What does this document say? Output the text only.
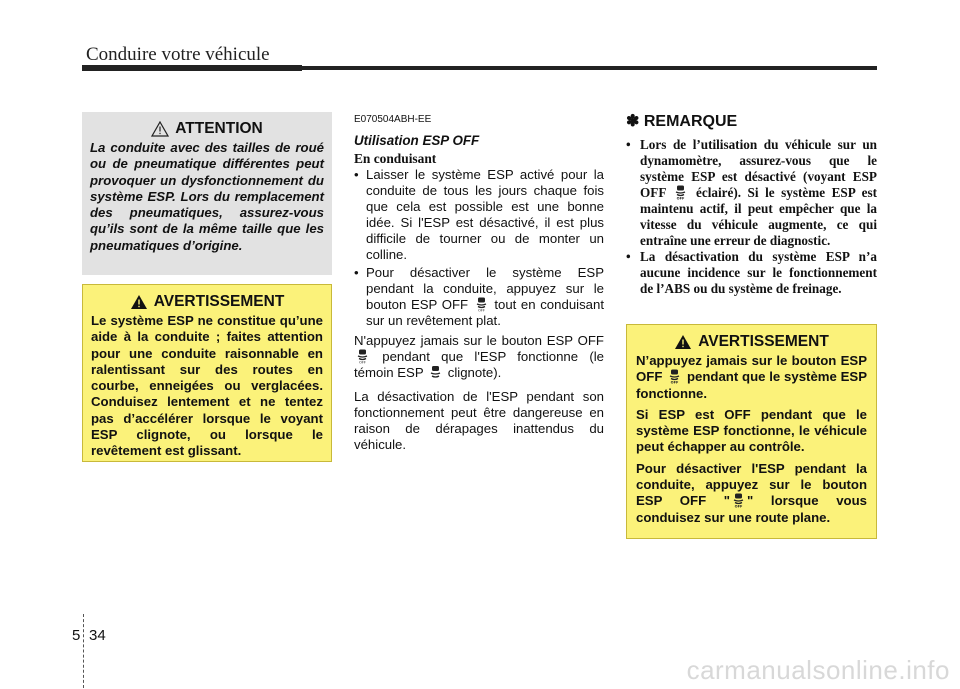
Conduire votre véhicule
ATTENTION

La conduite avec des tailles de roué ou de pneumatique différentes peut provoquer un dysfonctionnement du système ESP. Lors du remplacement des pneumatiques, assurez-vous qu’ils sont de la même taille que les pneumatiques d’origine.

AVERTISSEMENT

Le système ESP ne constitue qu’une aide à la conduite ; faites attention pour une conduite raisonnable en ralentissant sur des routes en courbe, enneigées ou verglacées. Conduisez lentement et ne tentez pas d’accélérer lorsque le voyant ESP clignote, ou lorsque le revêtement est glissant.

E070504ABH-EE
Utilisation ESP OFF
En conduisant
• Laisser le système ESP activé pour la conduite de tous les jours chaque fois que cela est possible est une bonne idée. Si l'ESP est désactivé, il est plus difficile de tourner ou de monter un colline.
• Pour désactiver le système ESP pendant la conduite, appuyez sur le bouton ESP OFF	OFF tout en conduisant sur un revêtement plat.
N'appuyez jamais sur le bouton ESP OFF
OFF pendant que l'ESP fonctionne (le témoin ESP clignote).
La désactivation de l'ESP pendant son fonctionnement peut être dangereuse en raison de dérapages inattendus du véhicule.
✽ REMARQUE
• Lors de l’utilisation du véhicule sur un dynamomètre, assurez-vous que le système ESP est désactivé (voyant ESP OFF	OFF éclairé). Si le système ESP est maintenu actif, il peut empêcher que la vitesse du véhicule augmente, ce qui entraîne une erreur de diagnostic.
• La désactivation du système ESP n’a aucune incidence sur le fonctionnement de l’ABS ou du système de freinage.
AVERTISSEMENT

N’appuyez jamais sur le bouton ESP OFF OFF pendant que le système ESP fonctionne.

Si ESP est OFF pendant que le système ESP fonctionne, le véhicule peut échapper au contrôle.

Pour désactiver l'ESP pendant la conduite, appuyez sur le bouton ESP OFF " OFF " lorsque vous conduisez sur une route plane.

5 34
carmanualsonline.info
